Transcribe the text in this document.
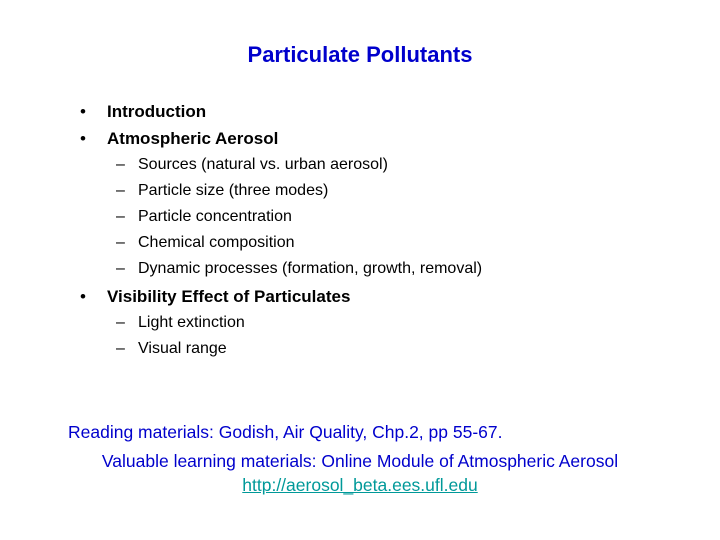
Particulate Pollutants
• Introduction
• Atmospheric Aerosol
– Sources (natural vs. urban aerosol)
– Particle size (three modes)
– Particle concentration
– Chemical composition
– Dynamic processes (formation, growth, removal)
• Visibility Effect of Particulates
– Light extinction
– Visual range
Reading materials: Godish, Air Quality, Chp.2, pp 55-67.
Valuable learning materials: Online Module of Atmospheric Aerosol
http://aerosol_beta.ees.ufl.edu
